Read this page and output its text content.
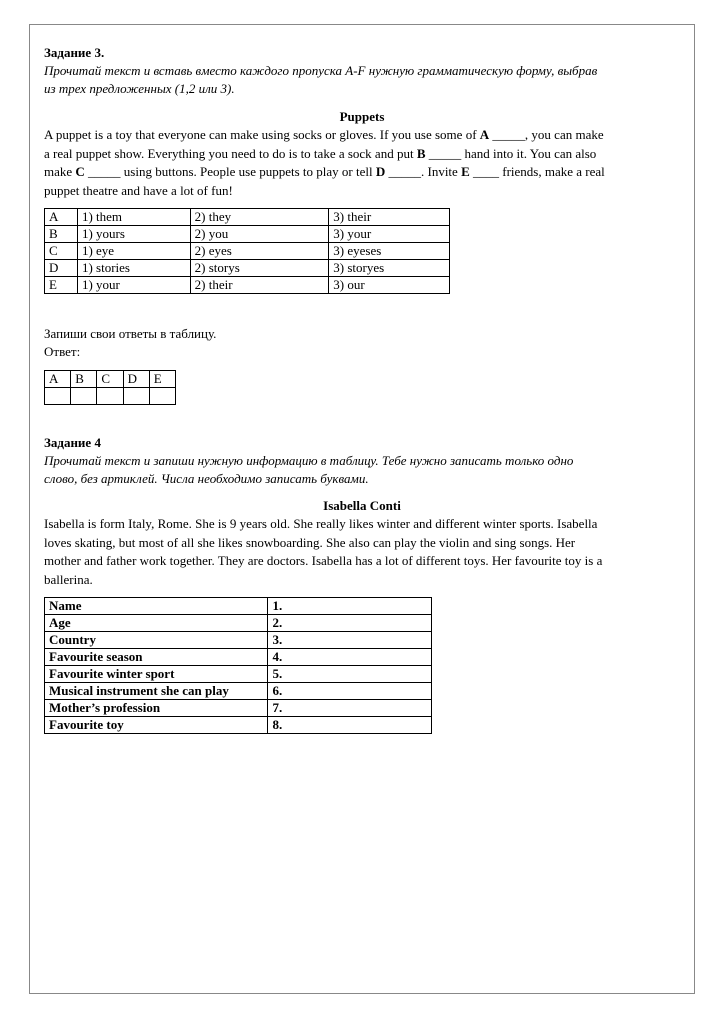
Задание 3.
Прочитай текст и вставь вместо каждого пропуска А-F нужную грамматическую форму, выбрав
из трех предложенных (1,2 или 3).
Puppets
A puppet is a toy that everyone can make using socks or gloves. If you use some of A _____, you can make
a real puppet show. Everything you need to do is to take a sock and put B _____ hand into it. You can also
make C _____ using buttons. People use puppets to play or tell D _____. Invite E ____ friends, make a real
puppet theatre and have a lot of fun!
A	1) them	2) they	3) their
B	1) yours	2) you	3) your
C	1) eye	2) eyes	3) eyeses
D	1) stories	2) storys	3) storyes
E	1) your	2) their	3) our
Запиши свои ответы в таблицу.
Ответ:
A	B	C	D	E

Задание 4
Прочитай текст и запиши нужную информацию в таблицу. Тебе нужно записать только одно
слово, без артиклей. Числа необходимо записать буквами.
Isabella Conti
Isabella is form Italy, Rome. She is 9 years old. She really likes winter and different winter sports. Isabella
loves skating, but most of all she likes snowboarding. She also can play the violin and sing songs. Her
mother and father work together. They are doctors. Isabella has a lot of different toys. Her favourite toy is a
ballerina.
Name	1.
Age	2.
Country	3.
Favourite season	4.
Favourite winter sport	5.
Musical instrument she can play	6.
Mother’s profession	7.
Favourite toy	8.
